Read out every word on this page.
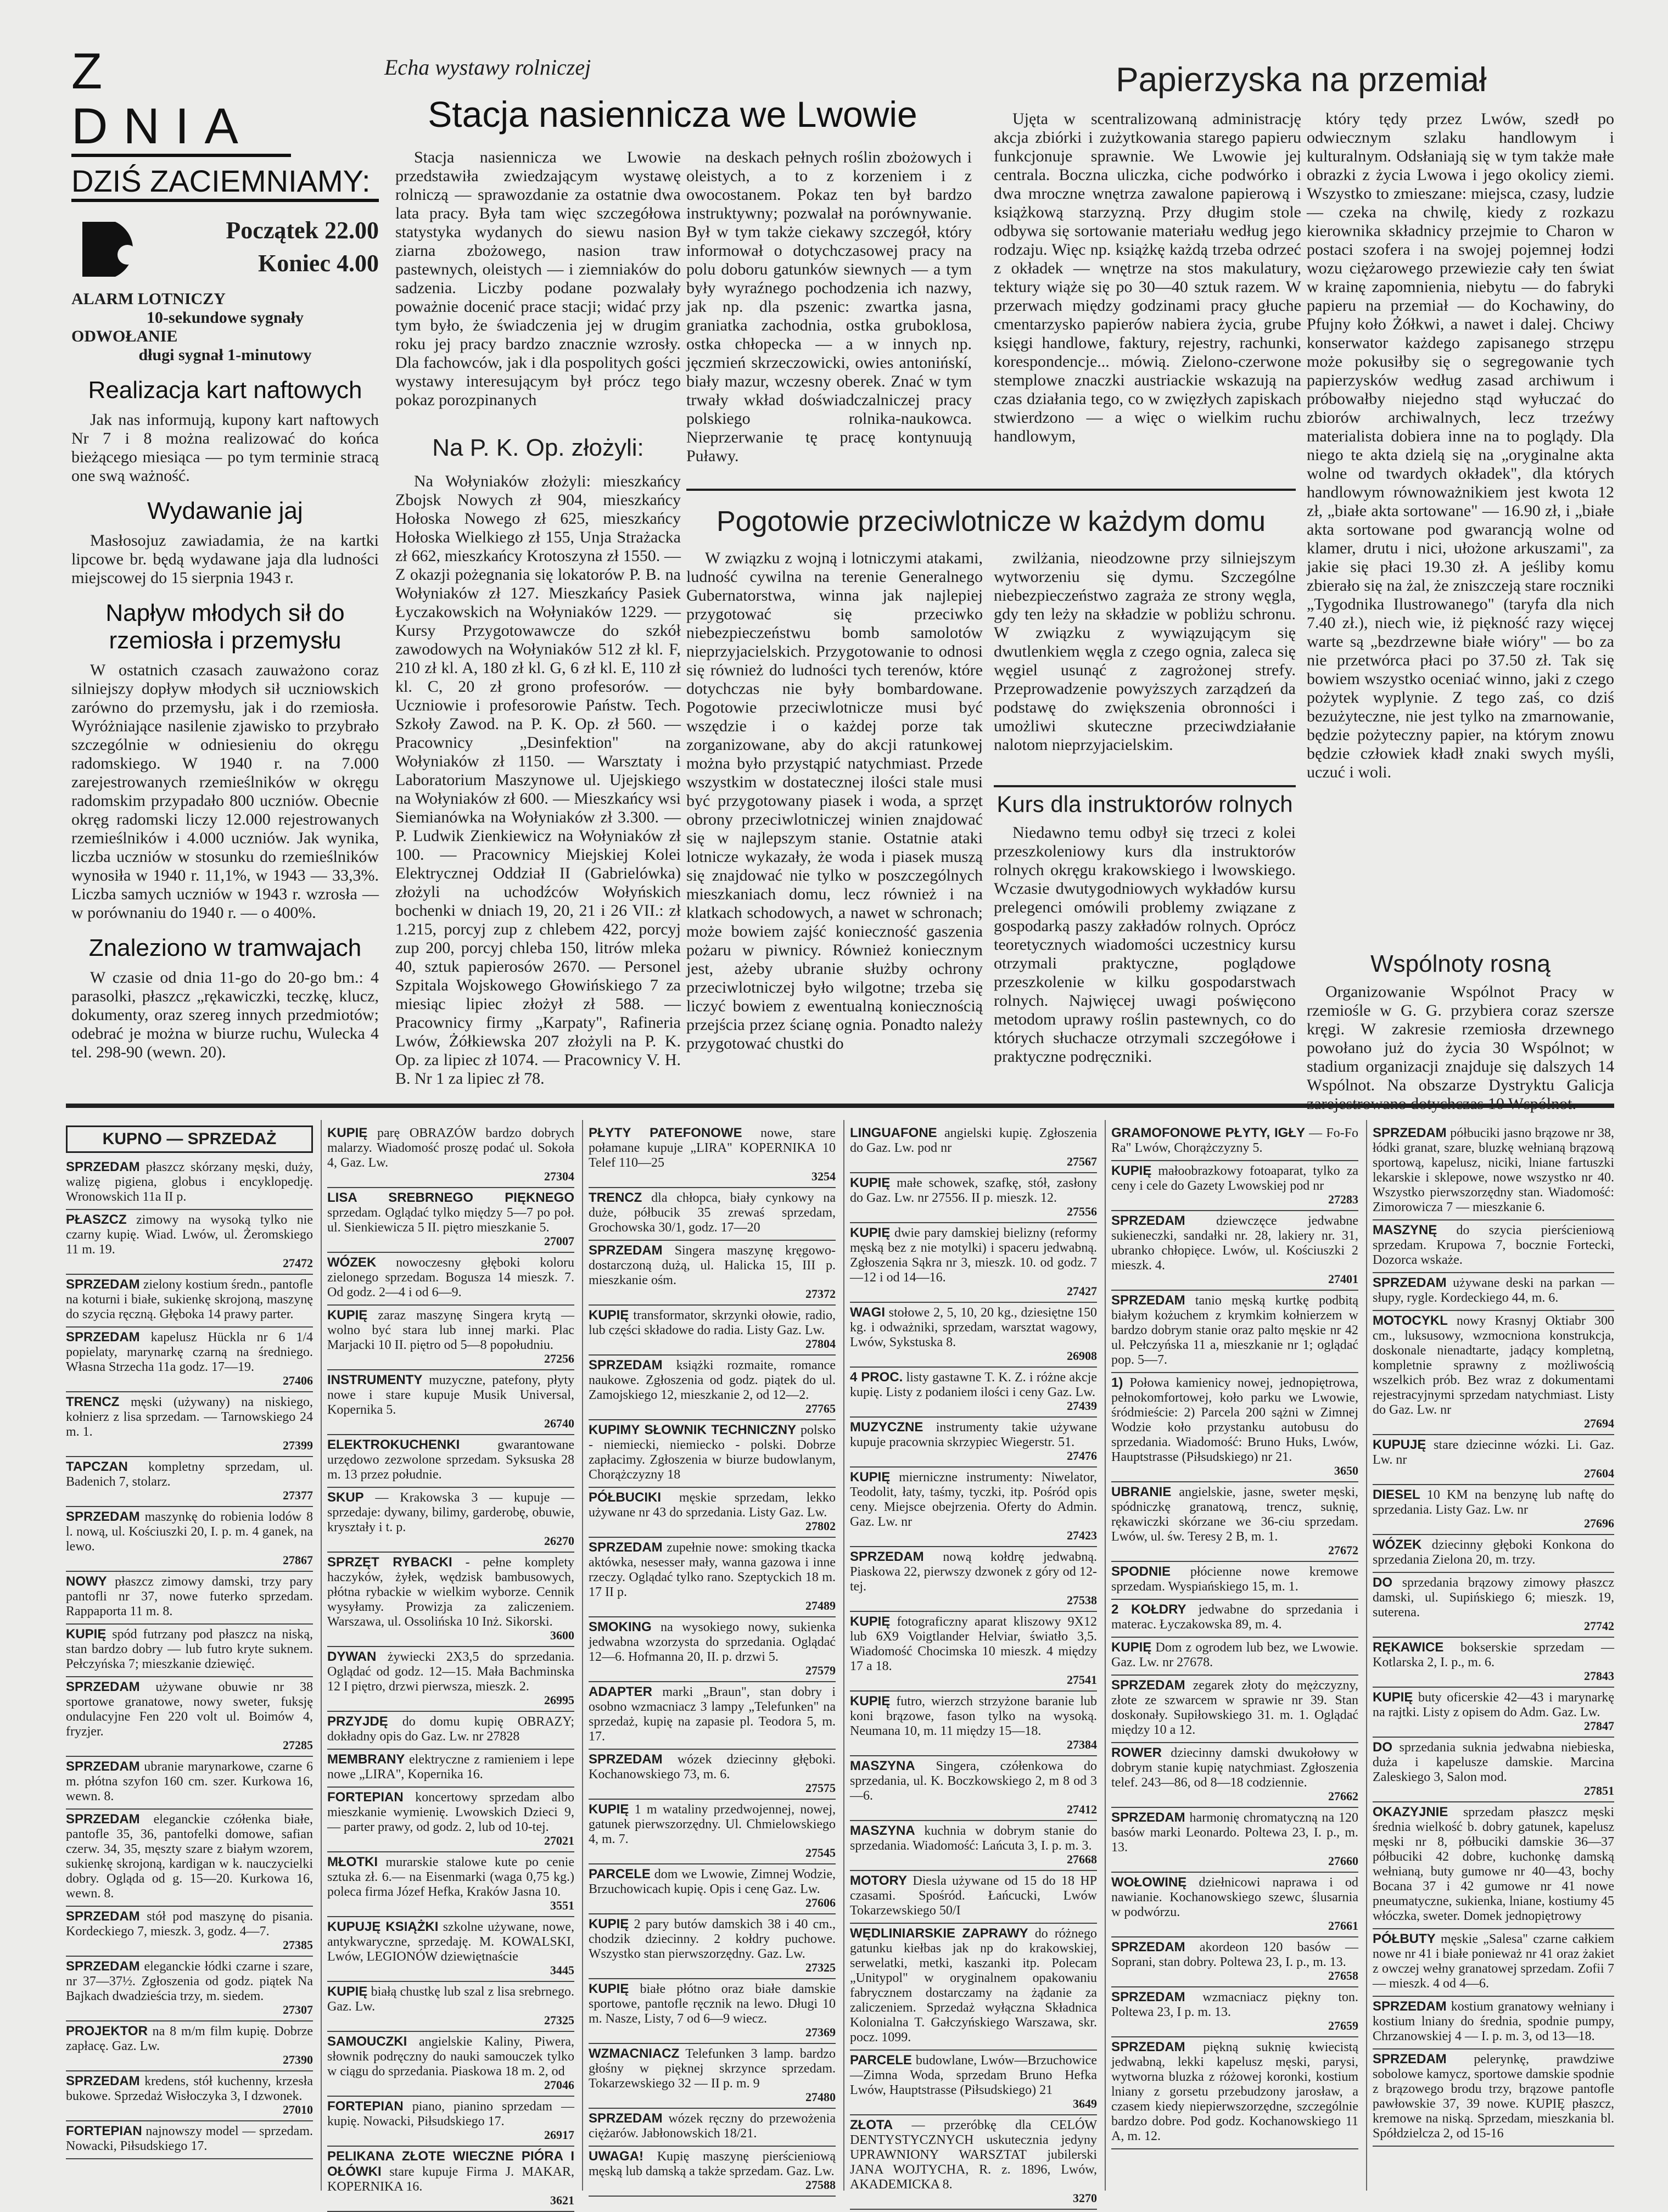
Z DNIA
DZIŚ ZACIEMNIAMY:
Początek 22.00
Koniec 4.00
ALARM LOTNICZY
10-sekundowe sygnały
ODWOŁANIE
długi sygnał 1-minutowy
Realizacja kart naftowych

Jak nas informują, kupony kart naftowych Nr 7 i 8 można realizować do końca bieżącego miesiąca — po tym terminie stracą one swą ważność.

Wydawanie jaj

Masłosojuz zawiadamia, że na kartki lipcowe br. będą wydawane jaja dla ludności miejscowej do 15 sierpnia 1943 r.

Napływ młodych sił do rzemiosła i przemysłu

W ostatnich czasach zauważono coraz silniejszy dopływ młodych sił uczniowskich zarówno do przemysłu, jak i do rzemiosła. Wyróżniające nasilenie zjawisko to przybrało szczególnie w odniesieniu do okręgu radomskiego. W 1940 r. na 7.000 zarejestrowanych rzemieślników w okręgu radomskim przypadało 800 uczniów. Obecnie okręg radomski liczy 12.000 rejestrowanych rzemieślników i 4.000 uczniów. Jak wynika, liczba uczniów w stosunku do rzemieślników wynosiła w 1940 r. 11,1%, w 1943 — 33,3%. Liczba samych uczniów w 1943 r. wzrosła — w porównaniu do 1940 r. — o 400%.

Znaleziono w tramwajach

W czasie od dnia 11-go do 20-go bm.: 4 parasolki, płaszcz „rękawiczki, teczkę, klucz, dokumenty, oraz szereg innych przedmiotów; odebrać je można w biurze ruchu, Wulecka 4 tel. 298-90 (wewn. 20).

Echa wystawy rolniczej
Stacja nasiennicza we Lwowie

Stacja nasiennicza we Lwowie przedstawiła zwiedzającym wystawę rolniczą — sprawozdanie za ostatnie dwa lata pracy. Była tam więc szczegółowa statystyka wydanych do siewu nasion ziarna zbożowego, nasion traw pastewnych, oleistych — i ziemniaków do sadzenia. Liczby podane pozwalały poważnie docenić prace stacji; widać przy tym było, że świadczenia jej w drugim roku jej pracy bardzo znacznie wzrosły. Dla fachowców, jak i dla pospolitych gości wystawy interesującym był prócz tego pokaz porozpinanych

na deskach pełnych roślin zbożowych i oleistych, a to z korzeniem i z owocostanem. Pokaz ten był bardzo instruktywny; pozwalał na porównywanie. Był w tym także ciekawy szczegół, który informował o dotychczasowej pracy na polu doboru gatunków siewnych — a tym były wyraźnego pochodzenia ich nazwy, jak np. dla pszenic: zwartka jasna, graniatka zachodnia, ostka gruboklosa, ostka chłopecka — a w innych np. jęczmień skrzeczowicki, owies antonińskí, biały mazur, wczesny oberek. Znać w tym trwały wkład doświadczalniczej pracy polskiego rolnika-naukowca. Nieprzerwanie tę pracę kontynuują Puławy.

Na P. K. Op. złożyli:

Na Wołyniaków złożyli: mieszkańcy Zbojsk Nowych zł 904, mieszkańcy Hołoska Nowego zł 625, mieszkańcy Hołoska Wielkiego zł 155, Unja Strażacka zł 662, mieszkańcy Krotoszyna zł 1550. — Z okazji pożegnania się lokatorów P. B. na Wołyniaków zł 127. Mieszkańcy Pasiek Łyczakowskich na Wołyniaków 1229. — Kursy Przygotowawcze do szkół zawodowych na Wołyniaków 512 zł kl. F, 210 zł kl. A, 180 zł kl. G, 6 zł kl. E, 110 zł kl. C, 20 zł grono profesorów. — Uczniowie i profesorowie Państw. Tech. Szkoły Zawod. na P. K. Op. zł 560. — Pracownicy „Desinfektion" na Wołyniaków zł 1150. — Warsztaty i Laboratorium Maszynowe ul. Ujejskiego na Wołyniaków zł 600. — Mieszkańcy wsi Siemianówka na Wołyniaków zł 3.300. — P. Ludwik Zienkiewicz na Wołyniaków zł 100. — Pracownicy Miejskiej Kolei Elektrycznej Oddział II (Gabrielówka) złożyli na uchodźców Wołyńskich bochenki w dniach 19, 20, 21 i 26 VII.: zł 1.215, porcyj zup z chlebem 422, porcyj zup 200, porcyj chleba 150, litrów mleka 40, sztuk papierosów 2670. — Personel Szpitala Wojskowego Głowińskiego 7 za miesiąc lipiec złożył zł 588. — Pracownicy firmy „Karpaty", Rafineria Lwów, Żółkiewska 207 złożyli na P. K. Op. za lipiec zł 1074. — Pracownicy V. H. B. Nr 1 za lipiec zł 78.

Papierzyska na przemiał

Ujęta w scentralizowaną administrację akcja zbiórki i zużytkowania starego papieru funkcjonuje sprawnie. We Lwowie jej centrala. Boczna uliczka, ciche podwórko i dwa mroczne wnętrza zawalone papierową i książkową starzyzną. Przy długim stole odbywa się sortowanie materiału według jego rodzaju. Więc np. książkę każdą trzeba odrzeć z okładek — wnętrze na stos makulatury, tektury wiąże się po 30—40 sztuk razem. W przerwach między godzinami pracy głuche cmentarzysko papierów nabiera życia, grube księgi handlowe, faktury, rejestry, rachunki, korespondencje... mówią. Zielono-czerwone stemplowe znaczki austriackie wskazują na czas działania tego, co w zwięzłych zapiskach stwierdzono — a więc o wielkim ruchu handlowym,

który tędy przez Lwów, szedł po odwiecznym szlaku handlowym i kulturalnym. Odsłaniają się w tym także małe obrazki z życia Lwowa i jego okolicy ziemi. Wszystko to zmieszane: miejsca, czasy, ludzie — czeka na chwilę, kiedy z rozkazu kierownika składnicy przejmie to Charon w postaci szofera i na swojej pojemnej łodzi wozu ciężarowego przewiezie cały ten świat w krainę zapomnienia, niebytu — do fabryki papieru na przemiał — do Kochawiny, do Pfujny koło Żółkwi, a nawet i dalej. Chciwy konserwator każdego zapisanego strzępu może pokusiłby się o segregowanie tych papierzysków według zasad archiwum i próbowałby niejedno stąd wyłuczać do zbiorów archiwalnych, lecz trzeźwy materialista dobiera inne na to poglądy. Dla niego te akta dzielą się na „oryginalne akta wolne od twardych okładek", dla których handlowym równoważnikiem jest kwota 12 zł, „białe akta sortowane" — 16.90 zł, i „białe akta sortowane pod gwarancją wolne od klamer, drutu i nici, ułożone arkuszami", za jakie się płaci 19.30 zł. A jeśliby komu zbierało się na żal, że zniszczeją stare roczniki „Tygodnika Ilustrowanego" (taryfa dla nich 7.40 zł.), niech wie, iż piękność razy więcej warte są „bezdrzewne białe wióry" — bo za nie przetwórca płaci po 37.50 zł. Tak się bowiem wszystko oceniać winno, jaki z czego pożytek wyplynie. Z tego zaś, co dziś bezużyteczne, nie jest tylko na zmarnowanie, będzie pożyteczny papier, na którym znowu będzie człowiek kładł znaki swych myśli, uczuć i woli.

Pogotowie przeciwlotnicze w każdym domu

W związku z wojną i lotniczymi atakami, ludność cywilna na terenie Generalnego Gubernatorstwa, winna jak najlepiej przygotować się przeciwko niebezpieczeństwu bomb samolotów nieprzyjacielskich. Przygotowanie to odnosi się również do ludności tych terenów, które dotychczas nie były bombardowane. Pogotowie przeciwlotnicze musi być wszędzie i o każdej porze tak zorganizowane, aby do akcji ratunkowej można było przystąpić natychmiast. Przede wszystkim w dostatecznej ilości stale musi być przygotowany piasek i woda, a sprzęt obrony przeciwlotniczej winien znajdować się w najlepszym stanie. Ostatnie ataki lotnicze wykazały, że woda i piasek muszą się znajdować nie tylko w poszczególnych mieszkaniach domu, lecz również i na klatkach schodowych, a nawet w schronach; może bowiem zajść konieczność gaszenia pożaru w piwnicy. Również koniecznym jest, ażeby ubranie służby ochrony przeciwlotniczej było wilgotne; trzeba się liczyć bowiem z ewentualną koniecznością przejścia przez ścianę ognia. Ponadto należy przygotować chustki do

zwilżania, nieodzowne przy silniejszym wytworzeniu się dymu. Szczególne niebezpieczeństwo zagraża ze strony węgla, gdy ten leży na składzie w pobliżu schronu. W związku z wywiązującym się dwutlenkiem węgla z czego ognia, zaleca się węgiel usunąć z zagrożonej strefy. Przeprowadzenie powyższych zarządzeń da podstawę do zwiększenia obronności i umożliwi skuteczne przeciwdziałanie nalotom nieprzyjacielskim.

Kurs dla instruktorów rolnych

Niedawno temu odbył się trzeci z kolei przeszkoleniowy kurs dla instruktorów rolnych okręgu krakowskiego i lwowskiego. Wczasie dwutygodniowych wykładów kursu prelegenci omówili problemy związane z gospodarką paszy zakładów rolnych. Oprócz teoretycznych wiadomości uczestnicy kursu otrzymali praktyczne, poglądowe przeszkolenie w kilku gospodarstwach rolnych. Najwięcej uwagi poświęcono metodom uprawy roślin pastewnych, co do których słuchacze otrzymali szczegółowe i praktyczne podręczniki.

Wspólnoty rosną

Organizowanie Wspólnot Pracy w rzemiośle w G. G. przybiera coraz szersze kręgi. W zakresie rzemiosła drzewnego powołano już do życia 30 Wspólnot; w stadium organizacji znajduje się dalszych 14 Wspólnot. Na obszarze Dystryktu Galicja zarejestrowano dotychczas 10 Wspólnot.

KUPNO — SPRZEDAŻ
SPRZEDAM płaszcz skórzany męski, duży, walizę pigiena, globus i encyklopedję. Wronowskich 11a II p.
PŁASZCZ zimowy na wysoką tylko nie czarny kupię. Wiad. Lwów, ul. Żeromskiego 11 m. 19.
27472
SPRZEDAM zielony kostium średn., pantofle na koturni i białe, sukienkę skrojoną, maszynę do szycia ręczną. Głęboka 14 prawy parter.
SPRZEDAM kapelusz Hückla nr 6 1/4 popielaty, marynarkę czarną na średniego. Własna Strzecha 11a godz. 17—19.
27406
TRENCZ męski (używany) na niskiego, kołnierz z lisa sprzedam. — Tarnowskiego 24 m. 1.
27399
TAPCZAN kompletny sprzedam, ul. Badenich 7, stolarz.
27377
SPRZEDAM maszynkę do robienia lodów 8 l. nową, ul. Kościuszki 20, I. p. m. 4 ganek, na lewo.
27867
NOWY płaszcz zimowy damski, trzy pary pantofli nr 37, nowe futerko sprzedam. Rappaporta 11 m. 8.
KUPIĘ spód futrzany pod płaszcz na niską, stan bardzo dobry — lub futro kryte suknem. Pełczyńska 7; mieszkanie dziewięć.
SPRZEDAM używane obuwie nr 38 sportowe granatowe, nowy sweter, fuksję ondulacyjne Fen 220 volt ul. Boimów 4, fryzjer.
27285
SPRZEDAM ubranie marynarkowe, czarne 6 m. płótna szyfon 160 cm. szer. Kurkowa 16, wewn. 8.
SPRZEDAM eleganckie czółenka białe, pantofle 35, 36, pantofelki domowe, safian czerw. 34, 35, męszty szare z białym wzorem, sukienkę skrojoną, kardigan w k. nauczycielki dobry. Ogląda od g. 15—20. Kurkowa 16, wewn. 8.
SPRZEDAM stół pod maszynę do pisania. Kordeckiego 7, mieszk. 3, godz. 4—7.
27385
SPRZEDAM eleganckie łódki czarne i szare, nr 37—37½. Zgłoszenia od godz. piątek Na Bajkach dwadzieścia trzy, m. siedem.
27307
PROJEKTOR na 8 m/m film kupię. Dobrze zapłacę. Gaz. Lw.
27390
SPRZEDAM kredens, stół kuchenny, krzesła bukowe. Sprzedaż Wisłoczyka 3, I dzwonek.
27010
FORTEPIAN najnowszy model — sprzedam. Nowacki, Piłsudskiego 17.
KUPIĘ parę OBRAZÓW bardzo dobrych malarzy. Wiadomość proszę podać ul. Sokoła 4, Gaz. Lw.
27304
LISA SREBRNEGO PIĘKNEGO sprzedam. Oglądać tylko między 5—7 po poł. ul. Sienkiewicza 5 II. piętro mieszkanie 5.
27007
WÓZEK nowoczesny głęboki koloru zielonego sprzedam. Bogusza 14 mieszk. 7. Od godz. 2—4 i od 6—9.
KUPIĘ zaraz maszynę Singera krytą — wolno być stara lub innej marki. Plac Marjacki 10 II. piętro od 5—8 popołudniu.
27256
INSTRUMENTY muzyczne, patefony, płyty nowe i stare kupuje Musik Universal, Kopernika 5.
26740
ELEKTROKUCHENKI	gwarantowane urzędowo zezwolone sprzedam. Syksuska 28 m. 13 przez południe.
SKUP — Krakowska 3 — kupuje — sprzedaje: dywany, bilimy, garderobę, obuwie, kryształy i t. p.
26270
SPRZĘT RYBACKI - pełne komplety haczyków, żyłek, wędzisk bambusowych, płótna rybackie w wielkim wyborze. Cennik wysyłamy. Prowizja za zaliczeniem. Warszawa, ul. Ossolińska 10 Inż. Sikorski.
3600
DYWAN żywiecki 2X3,5 do sprzedania. Oglądać od godz. 12—15. Mała Bachminska 12 I piętro, drzwi pierwsza, mieszk. 2.
26995
PRZYJDĘ do domu kupię OBRAZY; dokładny opis do Gaz. Lw. nr 27828
MEMBRANY elektryczne z ramieniem i lepe nowe „LIRA", Kopernika 16.
FORTEPIAN koncertowy sprzedam albo mieszkanie wymienię. Lwowskich Dzieci 9, — parter prawy, od godz. 2, lub od 10-tej.
27021
MŁOTKI murarskie stalowe kute po cenie sztuka zł. 6.— na Eisenmarki (waga 0,75 kg.) poleca firma Józef Hefka, Kraków Jasna 10.
3551
KUPUJĘ KSIĄŻKI szkolne używane, nowe, antykwaryczne, sprzedaję. M. KOWALSKI, Lwów, LEGIONÓW dziewiętnaście
3445
KUPIĘ białą chustkę lub szal z lisa srebrnego. Gaz. Lw.
27325
SAMOUCZKI angielskie Kaliny, Piwera, słownik podręczny do nauki samouczek tylko w ciągu do sprzedania. Piaskowa 18 m. 2, od
27046
FORTEPIAN piano, pianino sprzedam — kupię. Nowacki, Piłsudskiego 17.
26917
PELIKANA ZŁOTE WIECZNE PIÓRA I OŁÓWKI stare kupuje Firma J. MAKAR, KOPERNIKA 16.
3621
PŁYTY PATEFONOWE nowe, stare połamane kupuje „LIRA" KOPERNIKA 10 Telef 110—25
3254
TRENCZ dla chłopca, biały cynkowy na duże, półbucik 35 zrewaś sprzedam, Grochowska 30/1, godz. 17—20
SPRZEDAM Singera maszynę kręgowo-dostarczoną dużą, ul. Halicka 15, III p. mieszkanie ośm.
27372
KUPIĘ transformator, skrzynki ołowie, radio, lub części składowe do radia. Listy Gaz. Lw.
27804
SPRZEDAM książki rozmaite, romance naukowe. Zgłoszenia od godz. piątek do ul. Zamojskiego 12, mieszkanie 2, od 12—2.
27765
KUPIMY SŁOWNIK TECHNICZNY polsko - niemiecki, niemiecko - polski. Dobrze zapłacimy. Zgłoszenia w biurze budowlanym, Chorążczyzny 18
PÓŁBUCIKI męskie sprzedam, lekko używane nr 43 do sprzedania. Listy Gaz. Lw.
27802
SPRZEDAM zupełnie nowe: smoking tkacka aktówka, nesesser mały, wanna gazowa i inne rzeczy. Oglądać tylko rano. Szeptyckich 18 m. 17 II p.
27489
SMOKING na wysokiego nowy, sukienka jedwabna wzorzysta do sprzedania. Oglądać 12—6. Hofmanna 20, II. p. drzwi 5.
27579
ADAPTER marki „Braun", stan dobry i osobno wzmacniacz 3 lampy „Telefunken" na sprzedaż, kupię na zapasie pl. Teodora 5, m. 17.
SPRZEDAM wózek dziecinny głęboki. Kochanowskiego 73, m. 6.
27575
KUPIĘ 1 m wataliny przedwojennej, nowej, gatunek pierwszorzędny. Ul. Chmielowskiego 4, m. 7.
27545
PARCELE dom we Lwowie, Zimnej Wodzie, Brzuchowicach kupię. Opis i cenę Gaz. Lw.
27606
KUPIĘ 2 pary butów damskich 38 i 40 cm., chodzik dziecinny. 2 kołdry puchowe. Wszystko stan pierwszorzędny. Gaz. Lw.
27325
KUPIĘ białe płótno oraz białe damskie sportowe, pantofle ręcznik na lewo. Długi 10 m. Nasze, Listy, 7 od 6—9 wiecz.
27369
WZMACNIACZ Telefunken 3 lamp. bardzo głośny w pięknej skrzynce sprzedam. Tokarzewskiego 32 — II p. m. 9
27480
SPRZEDAM wózek ręczny do przewożenia ciężarów. Jabłonowskich 18/21.
UWAGA! Kupię maszynę pierścieniową męską lub damską a także sprzedam. Gaz. Lw.
27588
LINGUAFONE angielski kupię. Zgłoszenia do Gaz. Lw. pod nr
27567
KUPIĘ małe schowek, szafkę, stół, zasłony do Gaz. Lw. nr 27556. II p. mieszk. 12.
27556
KUPIĘ dwie pary damskiej bielizny (reformy męską bez z nie motylki) i spaceru jedwabną. Zgłoszenia Sąkra nr 3, mieszk. 10. od godz. 7—12 i od 14—16.
27427
WAGI stołowe 2, 5, 10, 20 kg., dziesiętne 150 kg. i odważniki, sprzedam, warsztat wagowy, Lwów, Sykstuska 8.
26908
4 PROC. listy gastawne T. K. Z. i różne akcje kupię. Listy z podaniem ilości i ceny Gaz. Lw.
27439
MUZYCZNE instrumenty takie używane kupuje pracownia skrzypiec Wiegerstr. 51.
27476
KUPIĘ mierniczne instrumenty: Niwelator, Teodolit, łaty, taśmy, tyczki, itp. Pośród opis ceny. Miejsce obejrzenia. Oferty do Admin. Gaz. Lw. nr
27423
SPRZEDAM nową kołdrę jedwabną. Piaskowa 22, pierwszy dzwonek z góry od 12-tej.
27538
KUPIĘ fotograficzny aparat kliszowy 9X12 lub 6X9 Voigtlander Helviar, światło 3,5. Wiadomość Chocimska 10 mieszk. 4 między 17 a 18.
27541
KUPIĘ futro, wierzch strzyżone baranie lub koni brązowe, fason tylko na wysoką. Neumana 10, m. 11 między 15—18.
27384
MASZYNA Singera, czółenkowa do sprzedania, ul. K. Boczkowskiego 2, m 8 od 3—6.
27412
MASZYNA kuchnia w dobrym stanie do sprzedania. Wiadomość: Lańcuta 3, I. p. m. 3.
27668
MOTORY Diesla używane od 15 do 18 HP czasami. Spośród. Łańcucki, Lwów Tokarzewskiego 50/I
WĘDLINIARSKIE ZAPRAWY do różnego gatunku kiełbas jak np do krakowskiej, serwelatki, metki, kaszanki itp. Polecam „Unitypol" w oryginalnem opakowaniu fabrycznem dostarczamy na żądanie za zaliczeniem. Sprzedaż wyłączna Składnica Kolonialna T. Gałczyńskiego Warszawa, skr. pocz. 1099.
PARCELE budowlane, Lwów—Brzuchowice—Zimna Woda, sprzedam Bruno Hefka Lwów, Hauptstrasse (Piłsudskiego) 21
3649
ZŁOTA — przeróbkę dla CELÓW DENTYSTYCZNYCH uskutecznia jedyny UPRAWNIONY WARSZTAT jubilerski JANA WOJTYCHA, R. z. 1896, Lwów, AKADEMICKA 8.
3270
GRAMOFONOWE PŁYTY, IGŁY — Fo-Fo Ra" Lwów, Chorążczyzny 5.
KUPIĘ małoobrazkowy fotoaparat, tylko za ceny i cele do Gazety Lwowskiej pod nr
27283
SPRZEDAM dziewczęce jedwabne sukieneczki, sandałki nr. 28, lakiery nr. 31, ubranko chłopięce. Lwów, ul. Kościuszki 2 mieszk. 4.
27401
SPRZEDAM tanio męską kurtkę podbitą białym kożuchem z krymkim kołnierzem w bardzo dobrym stanie oraz palto męskie nr 42 ul. Pełczyńska 11 a, mieszkanie nr 1; oglądać pop. 5—7.
1) Połowa kamienicy nowej, jednopiętrowa, pełnokomfortowej, koło parku we Lwowie, śródmieście: 2) Parcela 200 sążni w Zimnej Wodzie koło przystanku autobusu do sprzedania. Wiadomość: Bruno Huks, Lwów, Hauptstrasse (Piłsudskiego) nr 21.
3650
UBRANIE angielskie, jasne, sweter męski, spódniczkę granatową, trencz, suknię, rękawiczki skórzane we 36-ciu sprzedam. Lwów, ul. św. Teresy 2 B, m. 1.
27672
SPODNIE płócienne nowe kremowe sprzedam. Wyspiańskiego 15, m. 1.
2 KOŁDRY jedwabne do sprzedania i materac. Łyczakowska 89, m. 4.
KUPIĘ Dom z ogrodem lub bez, we Lwowie. Gaz. Lw. nr 27678.
SPRZEDAM zegarek złoty do mężczyzny, złote ze szwarcem w sprawie nr 39. Stan doskonały. Supiłowskiego 31. m. 1. Oglądać między 10 a 12.
ROWER dziecinny damski dwukołowy w dobrym stanie kupię natychmiast. Zgłoszenia telef. 243—86, od 8—18 codziennie.
27662
SPRZEDAM harmonię chromatyczną na 120 basów marki Leonardo. Poltewa 23, I. p., m. 13.
27660
WOŁOWINĘ dziełnicowi naprawa i od nawianie. Kochanowskiego szewc, ślusarnia w podwórzu.
27661
SPRZEDAM akordeon 120 basów — Soprani, stan dobry. Poltewa 23, I. p., m. 13.
27658
SPRZEDAM wzmacniacz piękny ton. Poltewa 23, I p. m. 13.
27659
SPRZEDAM piękną suknię kwiecistą jedwabną, lekki kapelusz męski, parysi, wytworna bluzka z różowej koronki, kostium lniany z gorsetu przebudzony jarosław, a czasem kiedy niepierwszorzędne, szczególnie bardzo dobre. Pod godz. Kochanowskiego 11 A, m. 12.
SPRZEDAM półbuciki jasno brązowe nr 38, łódki granat, szare, bluzkę wełnianą brązową sportową, kapelusz, niciki, lniane fartuszki lekarskie i sklepowe, nowe wszystko nr 40. Wszystko pierwszorzędny stan. Wiadomość: Zimorowicza 7 — mieszkanie 6.
MASZYNĘ do szycia pierścieniową sprzedam. Krupowa 7, bocznie Fortecki, Dozorca wskaże.
SPRZEDAM używane deski na parkan — słupy, rygle. Kordeckiego 44, m. 6.
MOTOCYKL nowy Krasnyj Oktiabr 300 cm., luksusowy, wzmocniona konstrukcja, doskonale nienadtarte, jadący kompletną, kompletnie sprawny z możliwością wszelkich prób. Bez wraz z dokumentami rejestracyjnymi sprzedam natychmiast. Listy do Gaz. Lw. nr
27694
KUPUJĘ stare dziecinne wózki. Li. Gaz. Lw. nr
27604
DIESEL 10 KM na benzynę lub naftę do sprzedania. Listy Gaz. Lw. nr
27696
WÓZEK dziecinny głęboki Konkona do sprzedania Zielona 20, m. trzy.
DO sprzedania brązowy zimowy płaszcz damski, ul. Supińskiego 6; mieszk. 19, suterena.
27742
RĘKAWICE bokserskie sprzedam — Kotlarska 2, I. p., m. 6.
27843
KUPIĘ buty oficerskie 42—43 i marynarkę na rajtki. Listy z opisem do Adm. Gaz. Lw.
27847
DO sprzedania suknia jedwabna niebieska, duża i kapelusze damskie. Marcina Zaleskiego 3, Salon mod.
27851
OKAZYJNIE sprzedam płaszcz męski średnia wielkość b. dobry gatunek, kapelusz męski nr 8, półbuciki damskie 36—37 półbuciki 42 dobre, kuchonkę damską wełnianą, buty gumowe nr 40—43, bochy Bocana 37 i 42 gumowe nr 41 nowe pneumatyczne, sukienka, lniane, kostiumy 45 włóczka, sweter. Domek jednopiętrowy
PÓŁBUTY męskie „Salesa" czarne całkiem nowe nr 41 i białe ponieważ nr 41 oraz żakiet z owczej wełny granatowej sprzedam. Zofii 7 — mieszk. 4 od 4—6.
SPRZEDAM kostium granatowy wełniany i kostium lniany do średnia, spodnie pumpy, Chrzanowskiej 4 — I. p. m. 3, od 13—18.
SPRZEDAM pelerynkę, prawdziwe sobolowe kamycz, sportowe damskie spodnie z brązowego brodu trzy, brązowe pantofle pawłowskie 37, 39 nowe. KUPIĘ płaszcz, kremowe na niską. Sprzedam, mieszkania bl. Spółdzielcza 2, od 15-16
